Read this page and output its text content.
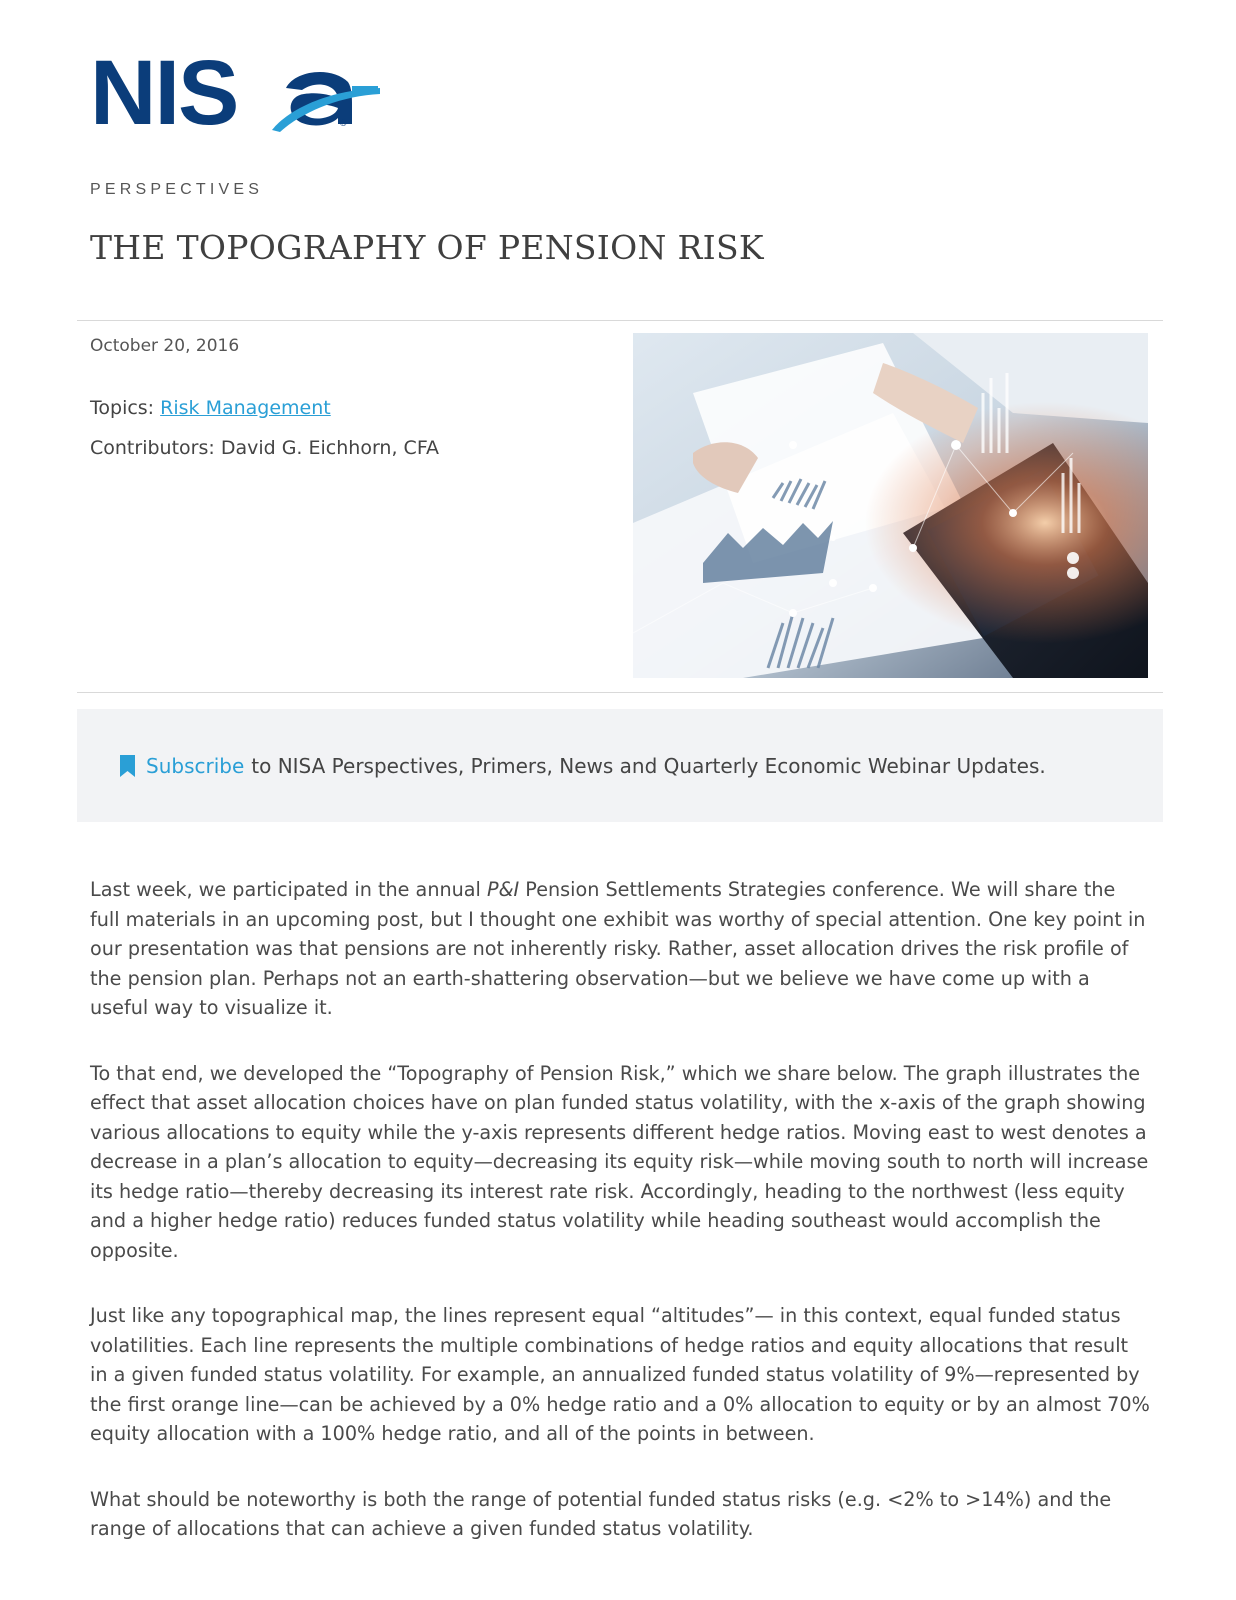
NIS	®
PERSPECTIVES
THE TOPOGRAPHY OF PENSION RISK
October 20, 2016
Topics: Risk Management
Contributors: David G. Eichhorn, CFA
Subscribe to NISA Perspectives, Primers, News and Quarterly Economic Webinar Updates.

Last week, we participated in the annual P&I Pension Settlements Strategies conference. We will share the full materials in an upcoming post, but I thought one exhibit was worthy of special attention. One key point in our presentation was that pensions are not inherently risky. Rather, asset allocation drives the risk profile of the pension plan. Perhaps not an earth-shattering observation—but we believe we have come up with a useful way to visualize it.

To that end, we developed the “Topography of Pension Risk,” which we share below. The graph illustrates the effect that asset allocation choices have on plan funded status volatility, with the x-axis of the graph showing various allocations to equity while the y-axis represents different hedge ratios. Moving east to west denotes a decrease in a plan’s allocation to equity—decreasing its equity risk—while moving south to north will increase its hedge ratio—thereby decreasing its interest rate risk. Accordingly, heading to the northwest (less equity and a higher hedge ratio) reduces funded status volatility while heading southeast would accomplish the opposite.

Just like any topographical map, the lines represent equal “altitudes”— in this context, equal funded status volatilities. Each line represents the multiple combinations of hedge ratios and equity allocations that result in a given funded status volatility. For example, an annualized funded status volatility of 9%—represented by the first orange line—can be achieved by a 0% hedge ratio and a 0% allocation to equity or by an almost 70% equity allocation with a 100% hedge ratio, and all of the points in between.

What should be noteworthy is both the range of potential funded status risks (e.g. <2% to >14%) and the range of allocations that can achieve a given funded status volatility.
